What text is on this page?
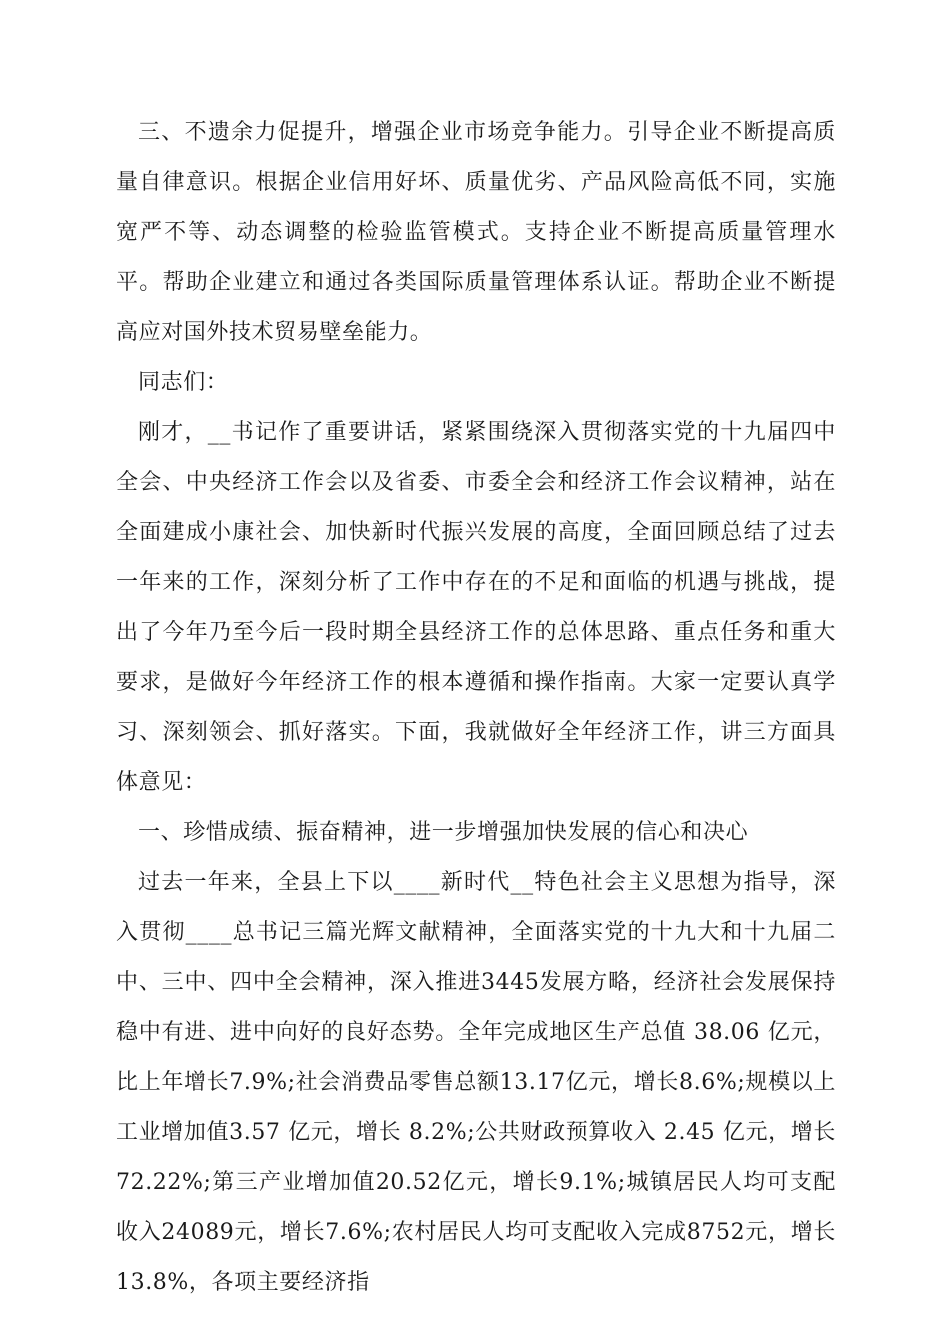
三、不遗余力促提升，增强企业市场竞争能力。引导企业不断提高质量自律意识。根据企业信用好坏、质量优劣、产品风险高低不同，实施宽严不等、动态调整的检验监管模式。支持企业不断提高质量管理水平。帮助企业建立和通过各类国际质量管理体系认证。帮助企业不断提高应对国外技术贸易壁垒能力。

同志们：

刚才，__书记作了重要讲话，紧紧围绕深入贯彻落实党的十九届四中全会、中央经济工作会以及省委、市委全会和经济工作会议精神，站在全面建成小康社会、加快新时代振兴发展的高度，全面回顾总结了过去一年来的工作，深刻分析了工作中存在的不足和面临的机遇与挑战，提出了今年乃至今后一段时期全县经济工作的总体思路、重点任务和重大要求，是做好今年经济工作的根本遵循和操作指南。大家一定要认真学习、深刻领会、抓好落实。下面，我就做好全年经济工作，讲三方面具体意见：

一、珍惜成绩、振奋精神，进一步增强加快发展的信心和决心

过去一年来，全县上下以____新时代__特色社会主义思想为指导，深入贯彻____总书记三篇光辉文献精神，全面落实党的十九大和十九届二中、三中、四中全会精神，深入推进3445发展方略，经济社会发展保持稳中有进、进中向好的良好态势。全年完成地区生产总值 38.06 亿元，比上年增长7.9%;社会消费品零售总额13.17亿元，增长8.6%;规模以上工业增加值3.57 亿元，增长 8.2%;公共财政预算收入 2.45 亿元，增长 72.22%;第三产业增加值20.52亿元，增长9.1%;城镇居民人均可支配收入24089元，增长7.6%;农村居民人均可支配收入完成8752元，增长13.8%，各项主要经济指
